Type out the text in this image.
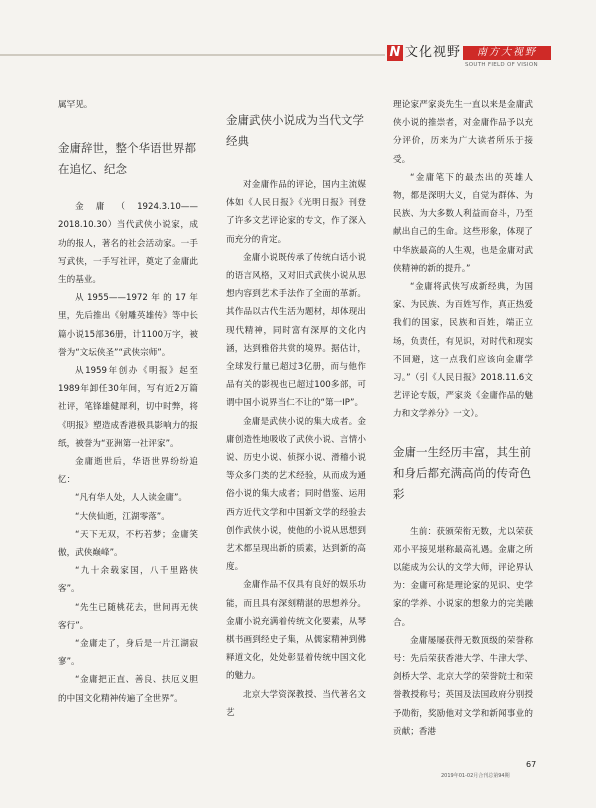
N 文化视野	南方大视野
SOUTH FIELD OF VISION

属罕见。

金庸辞世，整个华语世界都在追忆、纪念

金庸（1924.3.10——2018.10.30）当代武侠小说家，成功的报人，著名的社会活动家。一手写武侠，一手写社评，奠定了金庸此生的基业。

从1955——1972年的17年里，先后推出《射雕英雄传》等中长篇小说15部36册，计1100万字，被誉为“文坛侠圣”“武侠宗师”。

从1959年创办《明报》起至1989年卸任30年间，写有近2万篇社评，笔锋雄健犀利，切中时弊，将《明报》塑造成香港极具影响力的报纸，被誉为“亚洲第一社评家”。

金庸逝世后，华语世界纷纷追忆：

“凡有华人处，人人读金庸”。

“大侠仙逝，江湖零落”。

“天下无双，不朽若梦；金庸笑傲，武侠巅峰”。

“九十余载家国，八千里路侠客”。

“先生已随桃花去，世间再无侠客行”。

“金庸走了，身后是一片江湖寂寥”。

“金庸把正直、善良、扶厄义胆的中国文化精神传遍了全世界”。

金庸武侠小说成为当代文学经典

对金庸作品的评论，国内主流媒体如《人民日报》《光明日报》刊登了许多文艺评论家的专文，作了深入而充分的肯定。

金庸小说既传承了传统白话小说的语言风格，又对旧式武侠小说从思想内容到艺术手法作了全面的革新。其作品以古代生活为题材，却体现出现代精神，同时富有深厚的文化内涵，达到雅俗共赏的境界。据估计，全球发行量已超过3亿册，而与他作品有关的影视也已超过100多部，可谓中国小说界当仁不让的“第一IP”。

金庸是武侠小说的集大成者。金庸创造性地吸收了武侠小说、言情小说、历史小说、侦探小说、滑稽小说等众多门类的艺术经验，从而成为通俗小说的集大成者；同时借鉴、运用西方近代文学和中国新文学的经验去创作武侠小说，使他的小说从思想到艺术都呈现出新的质素，达到新的高度。

金庸作品不仅具有良好的娱乐功能，而且具有深刻精湛的思想养分。金庸小说充满着传统文化要素，从琴棋书画到经史子集，从儒家精神到佛释道文化，处处彰显着传统中国文化的魅力。

北京大学资深教授、当代著名文艺

理论家严家炎先生一直以来是金庸武侠小说的推崇者，对金庸作品予以充分评价，历来为广大读者所乐于接受。

“金庸笔下的最杰出的英雄人物，都是深明大义，自觉为群体、为民族、为大多数人利益而奋斗，乃至献出自己的生命。这些形象，体现了中华族最高的人生观，也是金庸对武侠精神的新的提升。”

“金庸将武侠写成新经典，为国家、为民族、为百姓写作，真正热爱我们的国家，民族和百姓，端正立场，负责任，有见识，对时代和现实不回避，这一点我们应该向金庸学习。”（引《人民日报》2018.11.6文艺评论专版，严家炎《金庸作品的魅力和文学养分》一文）。

金庸一生经历丰富，其生前和身后都充满高尚的传奇色彩

生前：获颁荣衔无数，尤以荣获邓小平接见堪称最高礼遇。金庸之所以能成为公认的文学大师，评论界认为：金庸可称是理论家的见识、史学家的学养、小说家的想象力的完美融合。

金庸屡屡获得无数顶级的荣誉称号：先后荣获香港大学、牛津大学、剑桥大学、北京大学的荣誉院士和荣誉教授称号；英国及法国政府分别授予勋衔，奖励他对文学和新闻事业的贡献；香港

67
2019年01-02月合刊总第94期
